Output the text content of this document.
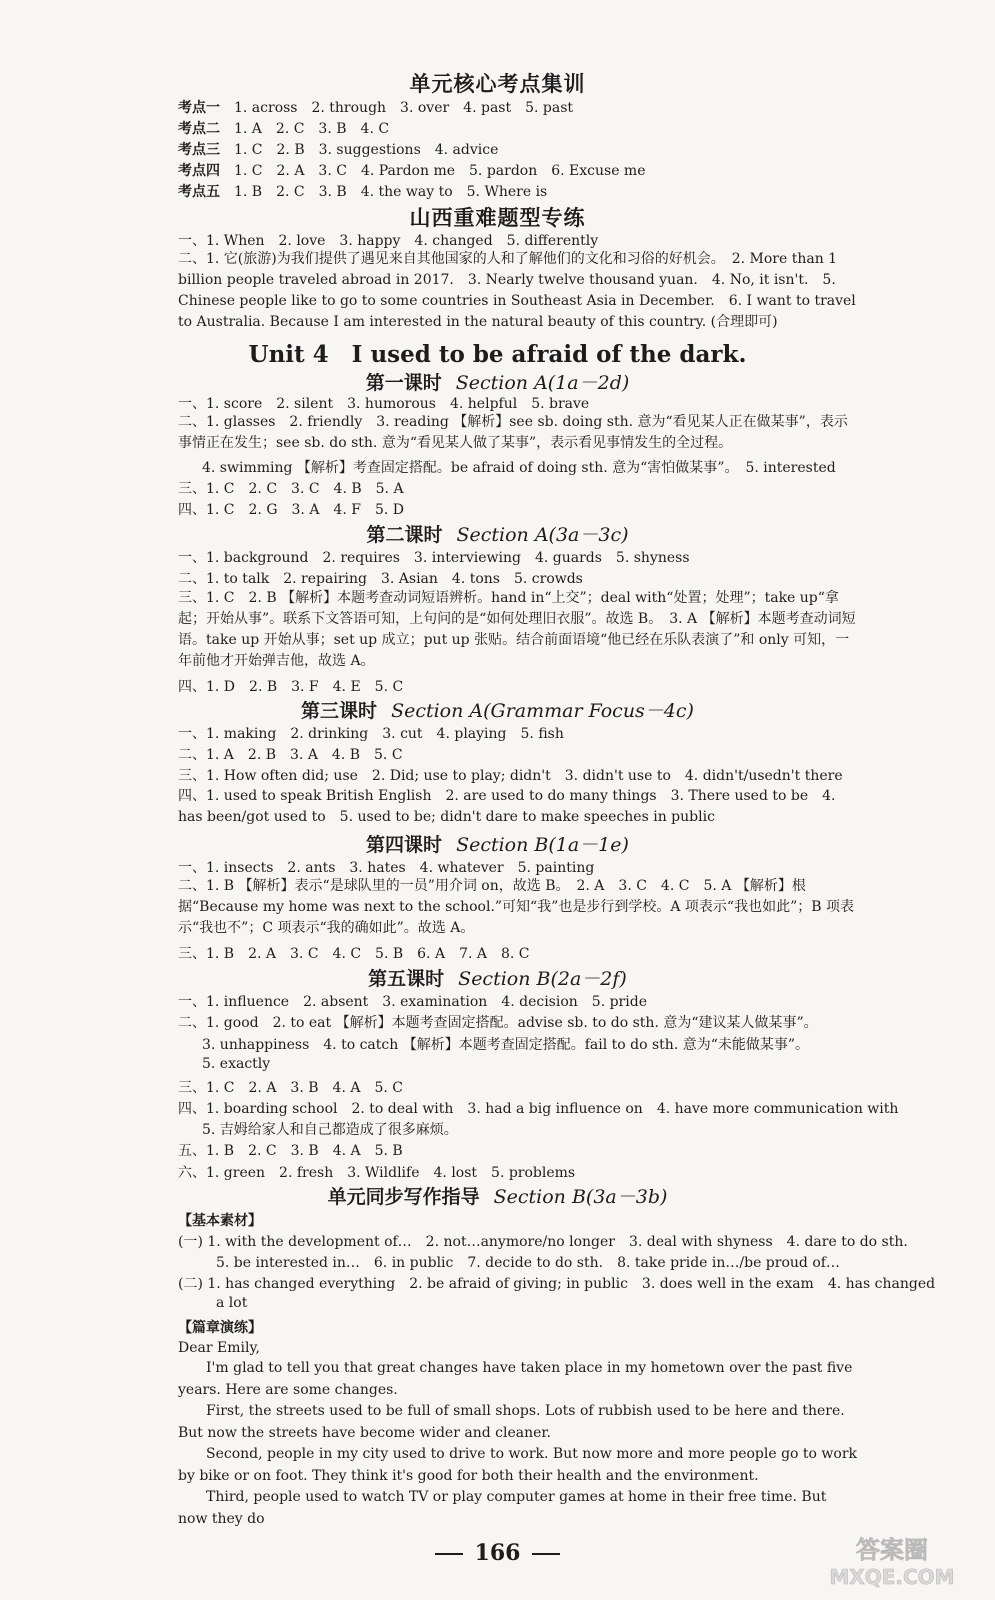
单元核心考点集训
考点一　 1. across　2. through　3. over　4. past　5. past
考点二　 1. A　2. C　3. B　4. C
考点三　 1. C　2. B　3. suggestions　4. advice
考点四　 1. C　2. A　3. C　4. Pardon me　5. pardon　6. Excuse me
考点五　 1. B　2. C　3. B　4. the way to　5. Where is
山西重难题型专练
一、1. When　2. love　3. happy　4. changed　5. differently
二、1. 它(旅游)为我们提供了遇见来自其他国家的人和了解他们的文化和习俗的好机会。　2. More than 1 billion people traveled abroad in 2017.　3. Nearly twelve thousand yuan.　4. No, it isn't.　5. Chinese people like to go to some countries in Southeast Asia in December.　6. I want to travel to Australia. Because I am interested in the natural beauty of this country. (合理即可)
Unit 4　I used to be afraid of the dark.
第一课时 Section A(1a－2d)
一、1. score　2. silent　3. humorous　4. helpful　5. brave
二、1. glasses　2. friendly　3. reading 【解析】see sb. doing sth. 意为“看见某人正在做某事”，表示事情正在发生；see sb. do sth. 意为“看见某人做了某事”，表示看见事情发生的全过程。
4. swimming 【解析】考查固定搭配。be afraid of doing sth. 意为“害怕做某事”。　5. interested
三、1. C　2. C　3. C　4. B　5. A
四、1. C　2. G　3. A　4. F　5. D
第二课时 Section A(3a－3c)
一、1. background　2. requires　3. interviewing　4. guards　5. shyness
二、1. to talk　2. repairing　3. Asian　4. tons　5. crowds
三、1. C　2. B 【解析】本题考查动词短语辨析。hand in“上交”；deal with“处置；处理”；take up“拿起；开始从事”。联系下文答语可知，上句问的是“如何处理旧衣服”。故选 B。　3. A 【解析】本题考查动词短语。take up 开始从事；set up 成立；put up 张贴。结合前面语境“他已经在乐队表演了”和 only 可知，一年前他才开始弹吉他，故选 A。
四、1. D　2. B　3. F　4. E　5. C
第三课时 Section A(Grammar Focus－4c)
一、1. making　2. drinking　3. cut　4. playing　5. fish
二、1. A　2. B　3. A　4. B　5. C
三、1. How often did; use　2. Did; use to play; didn't　3. didn't use to　4. didn't/usedn't there
四、1. used to speak British English　2. are used to do many things　3. There used to be　4. has been/got used to　5. used to be; didn't dare to make speeches in public
第四课时 Section B(1a－1e)
一、1. insects　2. ants　3. hates　4. whatever　5. painting
二、1. B 【解析】表示“是球队里的一员”用介词 on，故选 B。　2. A　3. C　4. C　5. A 【解析】根据“Because my home was next to the school.”可知“我”也是步行到学校。A 项表示“我也如此”；B 项表示“我也不”；C 项表示“我的确如此”。故选 A。
三、1. B　2. A　3. C　4. C　5. B　6. A　7. A　8. C
第五课时 Section B(2a－2f)
一、1. influence　2. absent　3. examination　4. decision　5. pride
二、1. good　2. to eat 【解析】本题考查固定搭配。advise sb. to do sth. 意为“建议某人做某事”。
3. unhappiness　4. to catch 【解析】本题考查固定搭配。fail to do sth. 意为“未能做某事”。
5. exactly
三、1. C　2. A　3. B　4. A　5. C
四、1. boarding school　2. to deal with　3. had a big influence on　4. have more communication with
5. 吉姆给家人和自己都造成了很多麻烦。
五、1. B　2. C　3. B　4. A　5. B
六、1. green　2. fresh　3. Wildlife　4. lost　5. problems
单元同步写作指导 Section B(3a－3b)
【基本素材】
(一) 1. with the development of…　2. not…anymore/no longer　3. deal with shyness　4. dare to do sth.
5. be interested in…　6. in public　7. decide to do sth.　8. take pride in…/be proud of…
(二) 1. has changed everything　2. be afraid of giving; in public　3. does well in the exam　4. has changed
a lot
【篇章演练】
Dear Emily,
I'm glad to tell you that great changes have taken place in my hometown over the past five years. Here are some changes.
First, the streets used to be full of small shops. Lots of rubbish used to be here and there. But now the streets have become wider and cleaner.
Second, people in my city used to drive to work. But now more and more people go to work by bike or on foot. They think it's good for both their health and the environment.
Third, people used to watch TV or play computer games at home in their free time. But now they do
166	答案圈
MXQE.COM
